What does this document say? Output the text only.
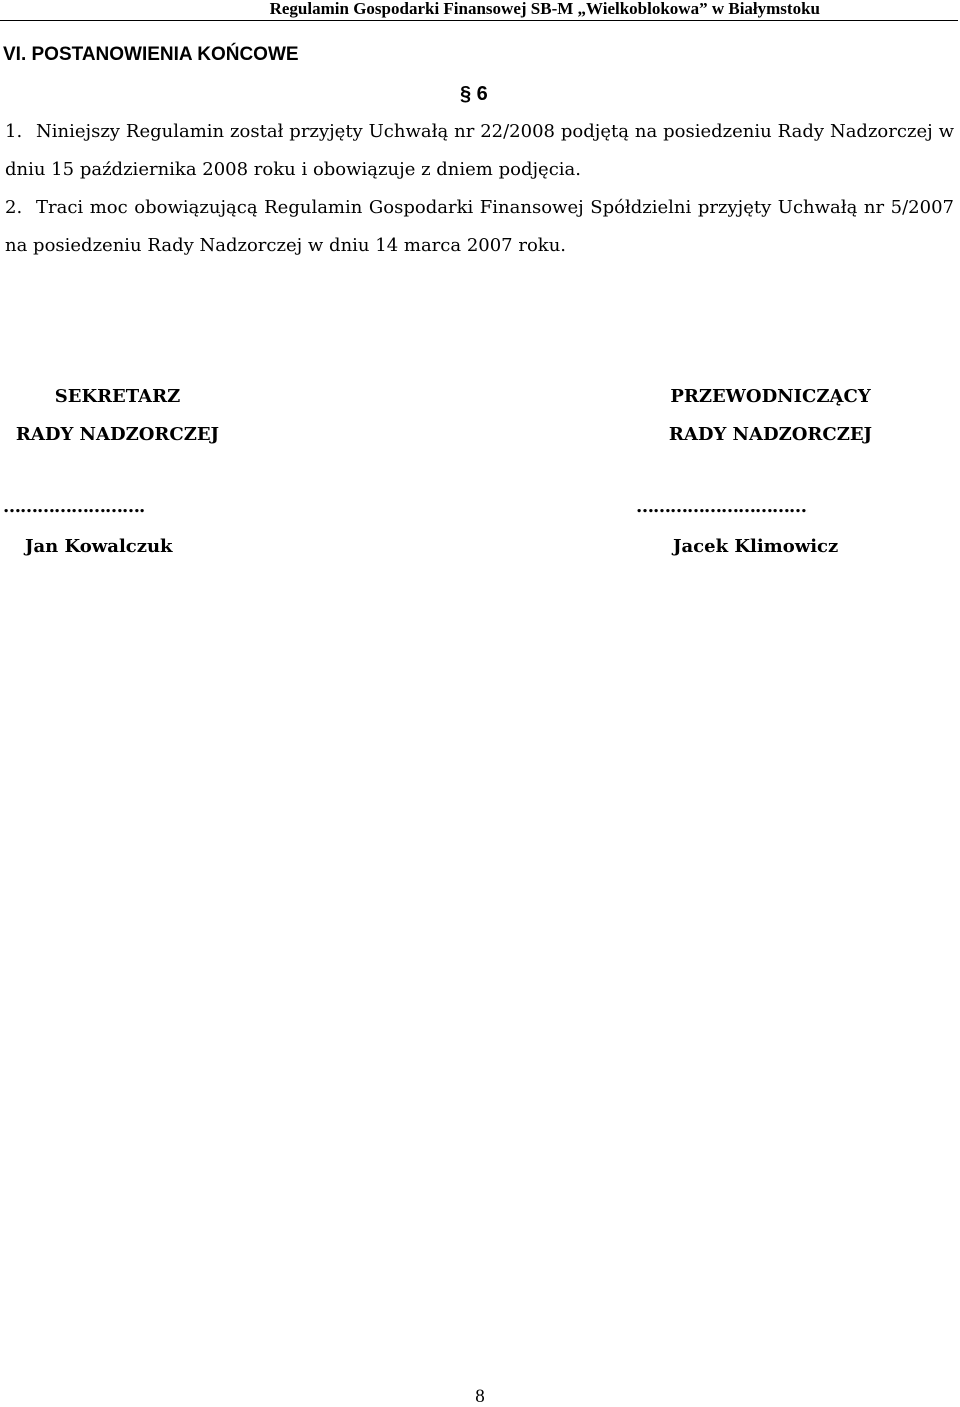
Regulamin Gospodarki Finansowej SB-M „Wielkoblokowa” w Białymstoku
VI. POSTANOWIENIA KOŃCOWE
§ 6

1. Niniejszy Regulamin został przyjęty Uchwałą nr 22/2008 podjętą na posiedzeniu Rady Nadzorczej w dniu 15 października 2008 roku i obowiązuje z dniem podjęcia.

2. Traci moc obowiązującą Regulamin Gospodarki Finansowej Spółdzielni przyjęty Uchwałą nr 5/2007 na posiedzeniu Rady Nadzorczej w dniu 14 marca 2007 roku.

SEKRETARZ
RADY NADZORCZEJ
PRZEWODNICZĄCY
RADY NADZORCZEJ
…………………….	…………………………
Jan Kowalczuk	Jacek Klimowicz
8
